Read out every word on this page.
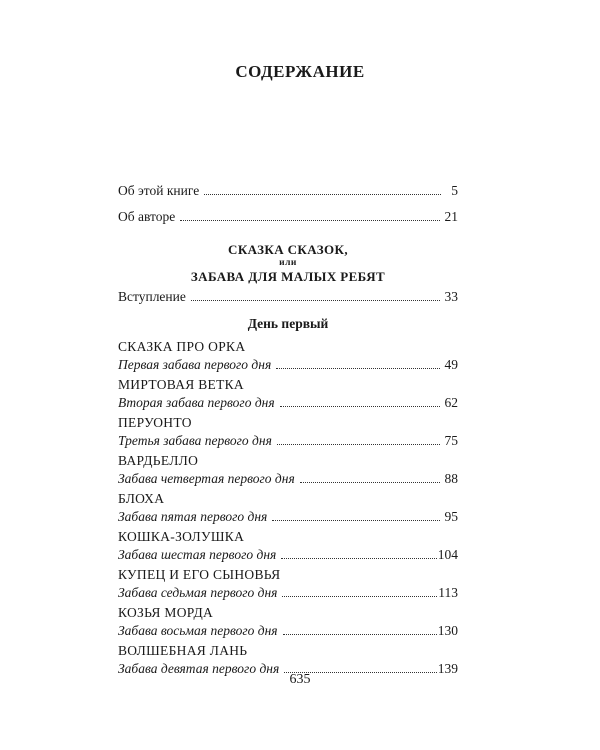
СОДЕРЖАНИЕ
Об этой книге	5
Об авторе	21
СКАЗКА СКАЗОК,
или
ЗАБАВА ДЛЯ МАЛЫХ РЕБЯТ
Вступление	33
День первый
СКАЗКА ПРО ОРКА
Первая забава первого дня	49
МИРТОВАЯ ВЕТКА
Вторая забава первого дня	62
ПЕРУОНТО
Третья забава первого дня	75
ВАРДЬЕЛЛО
Забава четвертая первого дня	88
БЛОХА
Забава пятая первого дня	95
КОШКА-ЗОЛУШКА
Забава шестая первого дня	104
КУПЕЦ И ЕГО СЫНОВЬЯ
Забава седьмая первого дня	113
КОЗЬЯ МОРДА
Забава восьмая первого дня	130
ВОЛШЕБНАЯ ЛАНЬ
Забава девятая первого дня	139
635
